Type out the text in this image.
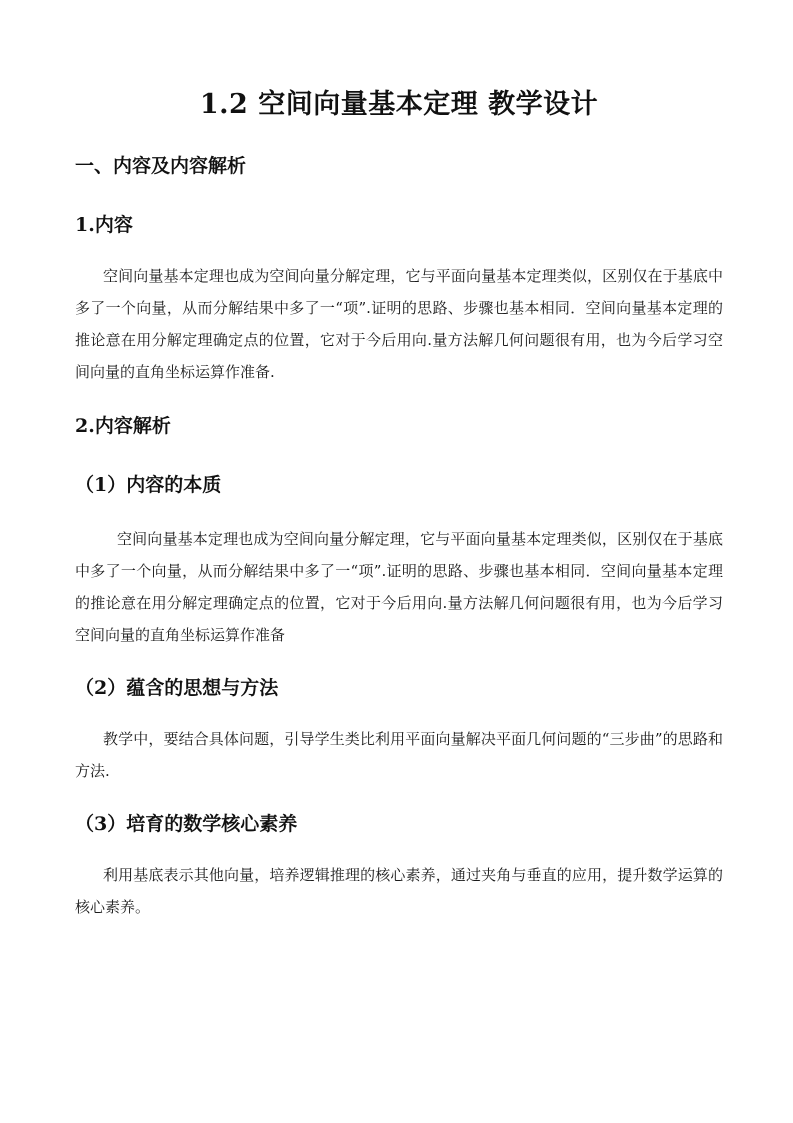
1.2 空间向量基本定理 教学设计
一、内容及内容解析
1.内容

空间向量基本定理也成为空间向量分解定理，它与平面向量基本定理类似，区别仅在于基底中多了一个向量，从而分解结果中多了一“项”.证明的思路、步骤也基本相同．空间向量基本定理的推论意在用分解定理确定点的位置，它对于今后用向.量方法解几何问题很有用，也为今后学习空间向量的直角坐标运算作准备.

2.内容解析
（1）内容的本质

空间向量基本定理也成为空间向量分解定理，它与平面向量基本定理类似，区别仅在于基底中多了一个向量，从而分解结果中多了一“项”.证明的思路、步骤也基本相同．空间向量基本定理的推论意在用分解定理确定点的位置，它对于今后用向.量方法解几何问题很有用，也为今后学习空间向量的直角坐标运算作准备

（2）蕴含的思想与方法

教学中，要结合具体问题，引导学生类比利用平面向量解决平面几何问题的“三步曲”的思路和方法.

（3）培育的数学核心素养

利用基底表示其他向量，培养逻辑推理的核心素养，通过夹角与垂直的应用，提升数学运算的核心素养。
